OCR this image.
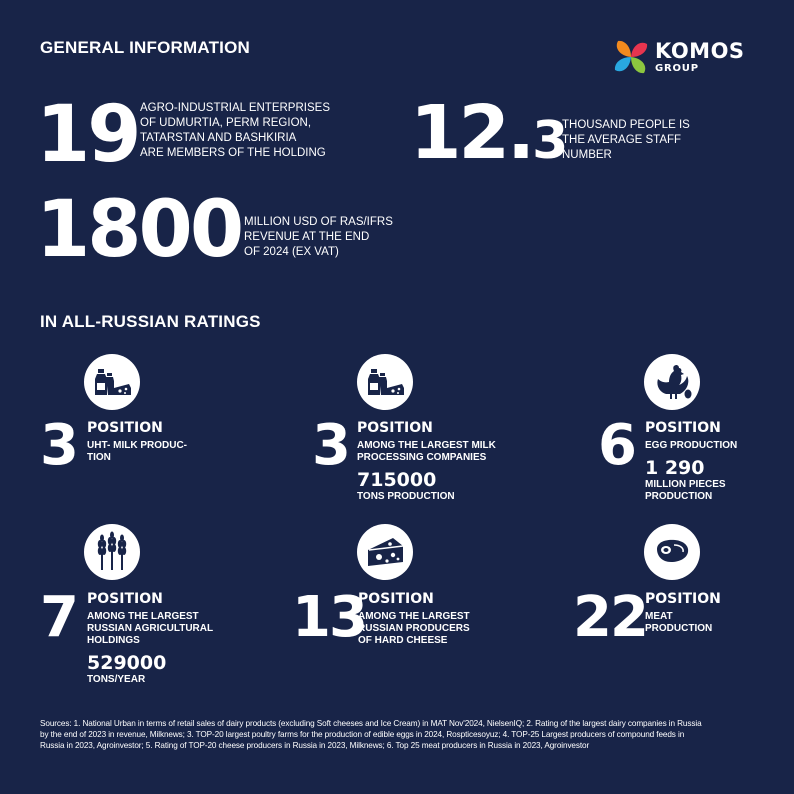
GENERAL INFORMATION	KOMOS
GROUP
19 AGRO-INDUSTRIAL ENTERPRISES
OF UDMURTIA, PERM REGION,
TATARSTAN AND BASHKIRIA
ARE MEMBERS OF THE HOLDING 12.3
THOUSAND PEOPLE IS
THE AVERAGE STAFF
NUMBER
1800 MILLION USD OF RAS/IFRS
REVENUE AT THE END
OF 2024 (EX VAT)
IN ALL-RUSSIAN RATINGS
3 POSITION
UHT- MILK PRODUC-
TION	3 POSITION
AMONG THE LARGEST MILK
PROCESSING COMPANIES
715000
TONS PRODUCTION
6 POSITION
EGG PRODUCTION
1 290
MILLION PIECES
PRODUCTION
7 POSITION
AMONG THE LARGEST
RUSSIAN AGRICULTURAL
HOLDINGS
529000
TONS/YEAR
13
POSITION
AMONG THE LARGEST
RUSSIAN PRODUCERS
OF HARD CHEESE	22
POSITION
MEAT
PRODUCTION
Sources: 1. National Urban in terms of retail sales of dairy products (excluding Soft cheeses and Ice Cream) in MAT Nov'2024, NielsenIQ; 2. Rating of the largest dairy companies in Russia
by the end of 2023 in revenue, Milknews; 3. TOP-20 largest poultry farms for the production of edible eggs in 2024, Rospticesoyuz; 4. TOP-25 Largest producers of compound feeds in
Russia in 2023, Agroinvestor; 5. Rating of TOP-20 cheese producers in Russia in 2023, Milknews; 6. Top 25 meat producers in Russia in 2023, Agroinvestor
